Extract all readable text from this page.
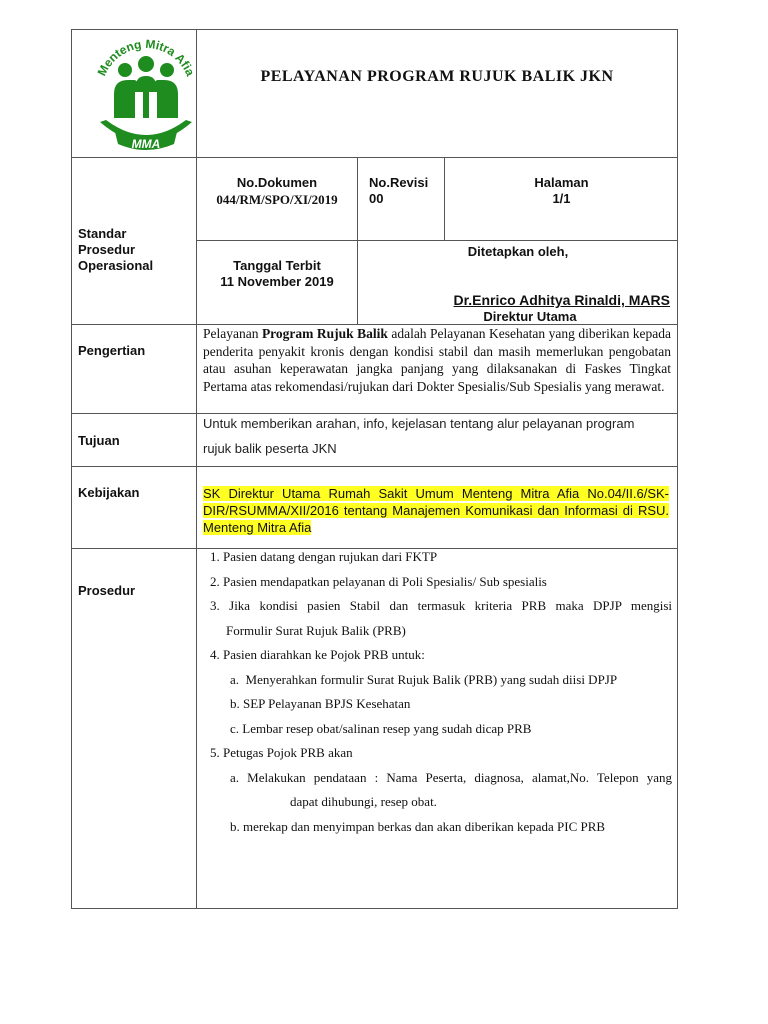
Menteng Mitra Afia
MMA
PELAYANAN PROGRAM RUJUK BALIK JKN
Standar
Prosedur
Operasional
No.Dokumen
044/RM/SPO/XI/2019
No.Revisi
00
Halaman
1/1
Tanggal Terbit
11 November 2019
Ditetapkan oleh,
Dr.Enrico Adhitya Rinaldi, MARS
Direktur Utama
Pengertian
Pelayanan Program Rujuk Balik adalah Pelayanan Kesehatan yang diberikan kepada penderita penyakit kronis dengan kondisi stabil dan masih memerlukan pengobatan atau asuhan keperawatan jangka panjang yang dilaksanakan di Faskes Tingkat Pertama atas rekomendasi/rujukan dari Dokter Spesialis/Sub Spesialis yang merawat.
Tujuan
Untuk memberikan arahan, info, kejelasan tentang alur pelayanan program
rujuk balik peserta JKN
Kebijakan	SK Direktur Utama Rumah Sakit Umum Menteng Mitra Afia No.04/II.6/SK-DIR/RSUMMA/XII/2016 tentang Manajemen Komunikasi dan Informasi di RSU. Menteng Mitra Afia
Prosedur
1. Pasien datang dengan rujukan dari FKTP
2. Pasien mendapatkan pelayanan di Poli Spesialis/ Sub spesialis
3. Jika kondisi pasien Stabil dan termasuk kriteria PRB maka DPJP mengisi
Formulir Surat Rujuk Balik (PRB)
4. Pasien diarahkan ke Pojok PRB untuk:
a. Menyerahkan formulir Surat Rujuk Balik (PRB) yang sudah diisi DPJP
b. SEP Pelayanan BPJS Kesehatan
c. Lembar resep obat/salinan resep yang sudah dicap PRB
5. Petugas Pojok PRB akan
a. Melakukan pendataan : Nama Peserta, diagnosa, alamat,No. Telepon yang
dapat dihubungi, resep obat.
b. merekap dan menyimpan berkas dan akan diberikan kepada PIC PRB
